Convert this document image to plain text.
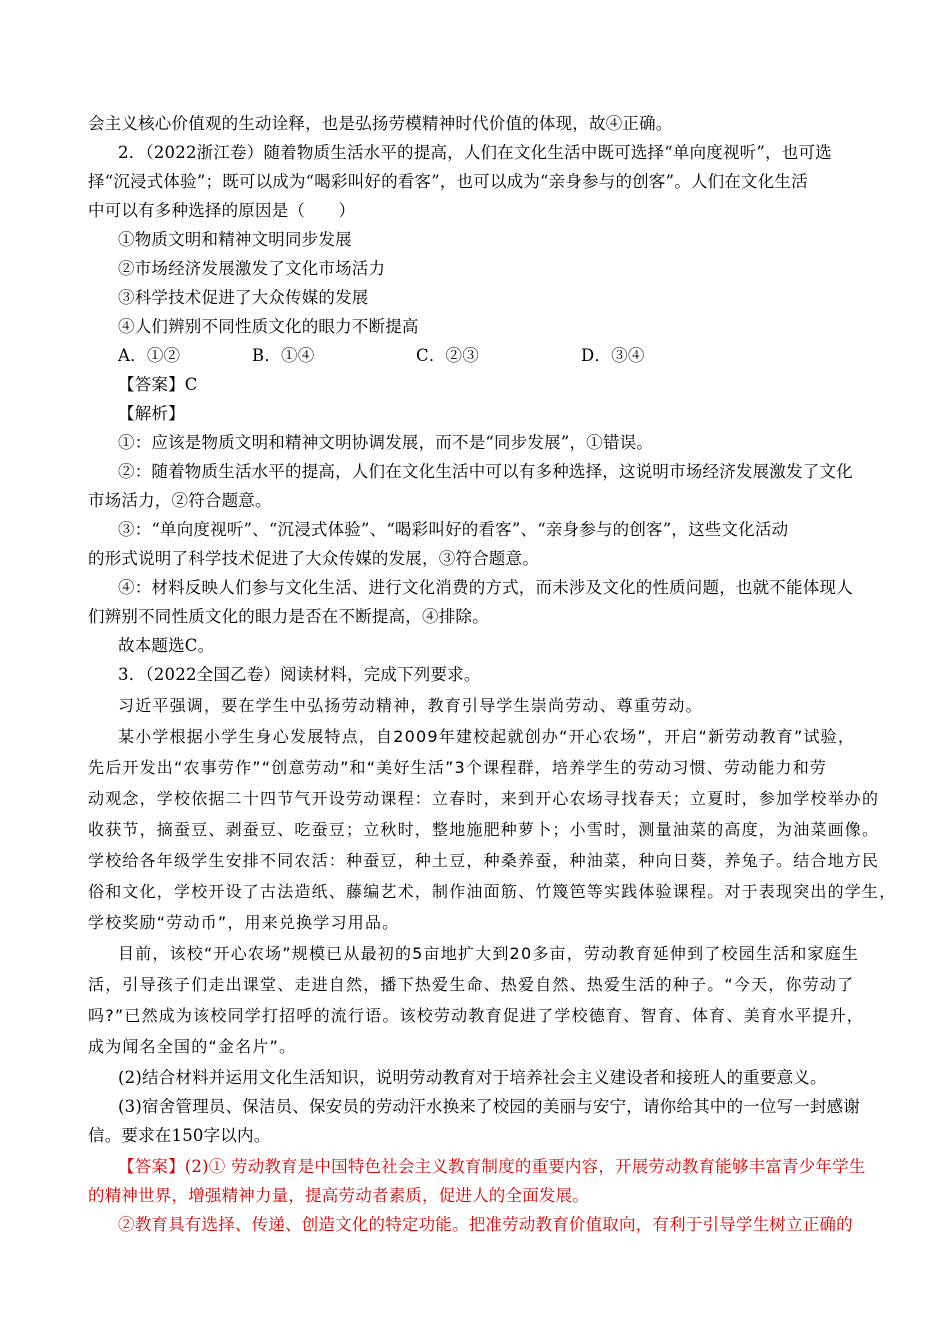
会主义核心价值观的生动诠释，也是弘扬劳模精神时代价值的体现，故④正确。
2．（2022浙江卷）随着物质生活水平的提高，人们在文化生活中既可选择“单向度视听”，也可选
择“沉浸式体验”；既可以成为“喝彩叫好的看客”，也可以成为“亲身参与的创客”。人们在文化生活
中可以有多种选择的原因是（　　）
①物质文明和精神文明同步发展
②市场经济发展激发了文化市场活力
③科学技术促进了大众传媒的发展
④人们辨别不同性质文化的眼力不断提高
A．①②	B．①④	C．②③	D．③④
【答案】C
【解析】
①：应该是物质文明和精神文明协调发展，而不是“同步发展”，①错误。
②：随着物质生活水平的提高，人们在文化生活中可以有多种选择，这说明市场经济发展激发了文化
市场活力，②符合题意。
③：“单向度视听”、“沉浸式体验”、“喝彩叫好的看客”、“亲身参与的创客”，这些文化活动
的形式说明了科学技术促进了大众传媒的发展，③符合题意。
④：材料反映人们参与文化生活、进行文化消费的方式，而未涉及文化的性质问题，也就不能体现人
们辨别不同性质文化的眼力是否在不断提高，④排除。
故本题选C。
3．（2022全国乙卷）阅读材料，完成下列要求。
习近平强调，要在学生中弘扬劳动精神，教育引导学生崇尚劳动、尊重劳动。
某小学根据小学生身心发展特点，自2009年建校起就创办“开心农场”，开启“新劳动教育”试验，
先后开发出“农事劳作”“创意劳动”和“美好生活”3个课程群，培养学生的劳动习惯、劳动能力和劳
动观念，学校依据二十四节气开设劳动课程：立春时，来到开心农场寻找春天；立夏时，参加学校举办的
收获节，摘蚕豆、剥蚕豆、吃蚕豆；立秋时，整地施肥种萝卜；小雪时，测量油菜的高度，为油菜画像。
学校给各年级学生安排不同农活：种蚕豆，种土豆，种桑养蚕，种油菜，种向日葵，养兔子。结合地方民
俗和文化，学校开设了古法造纸、藤编艺术，制作油面筋、竹篾笆等实践体验课程。对于表现突出的学生，
学校奖励“劳动币”，用来兑换学习用品。
目前，该校“开心农场”规模已从最初的5亩地扩大到20多亩，劳动教育延伸到了校园生活和家庭生
活，引导孩子们走出课堂、走进自然，播下热爱生命、热爱自然、热爱生活的种子。“今天，你劳动了
吗?”已然成为该校同学打招呼的流行语。该校劳动教育促进了学校德育、智育、体育、美育水平提升，
成为闻名全国的“金名片”。
(2)结合材料并运用文化生活知识，说明劳动教育对于培养社会主义建设者和接班人的重要意义。
(3)宿舍管理员、保洁员、保安员的劳动汗水换来了校园的美丽与安宁，请你给其中的一位写一封感谢
信。要求在150字以内。
【答案】(2)① 劳动教育是中国特色社会主义教育制度的重要内容，开展劳动教育能够丰富青少年学生
的精神世界，增强精神力量，提高劳动者素质，促进人的全面发展。
②教育具有选择、传递、创造文化的特定功能。把准劳动教育价值取向，有利于引导学生树立正确的
